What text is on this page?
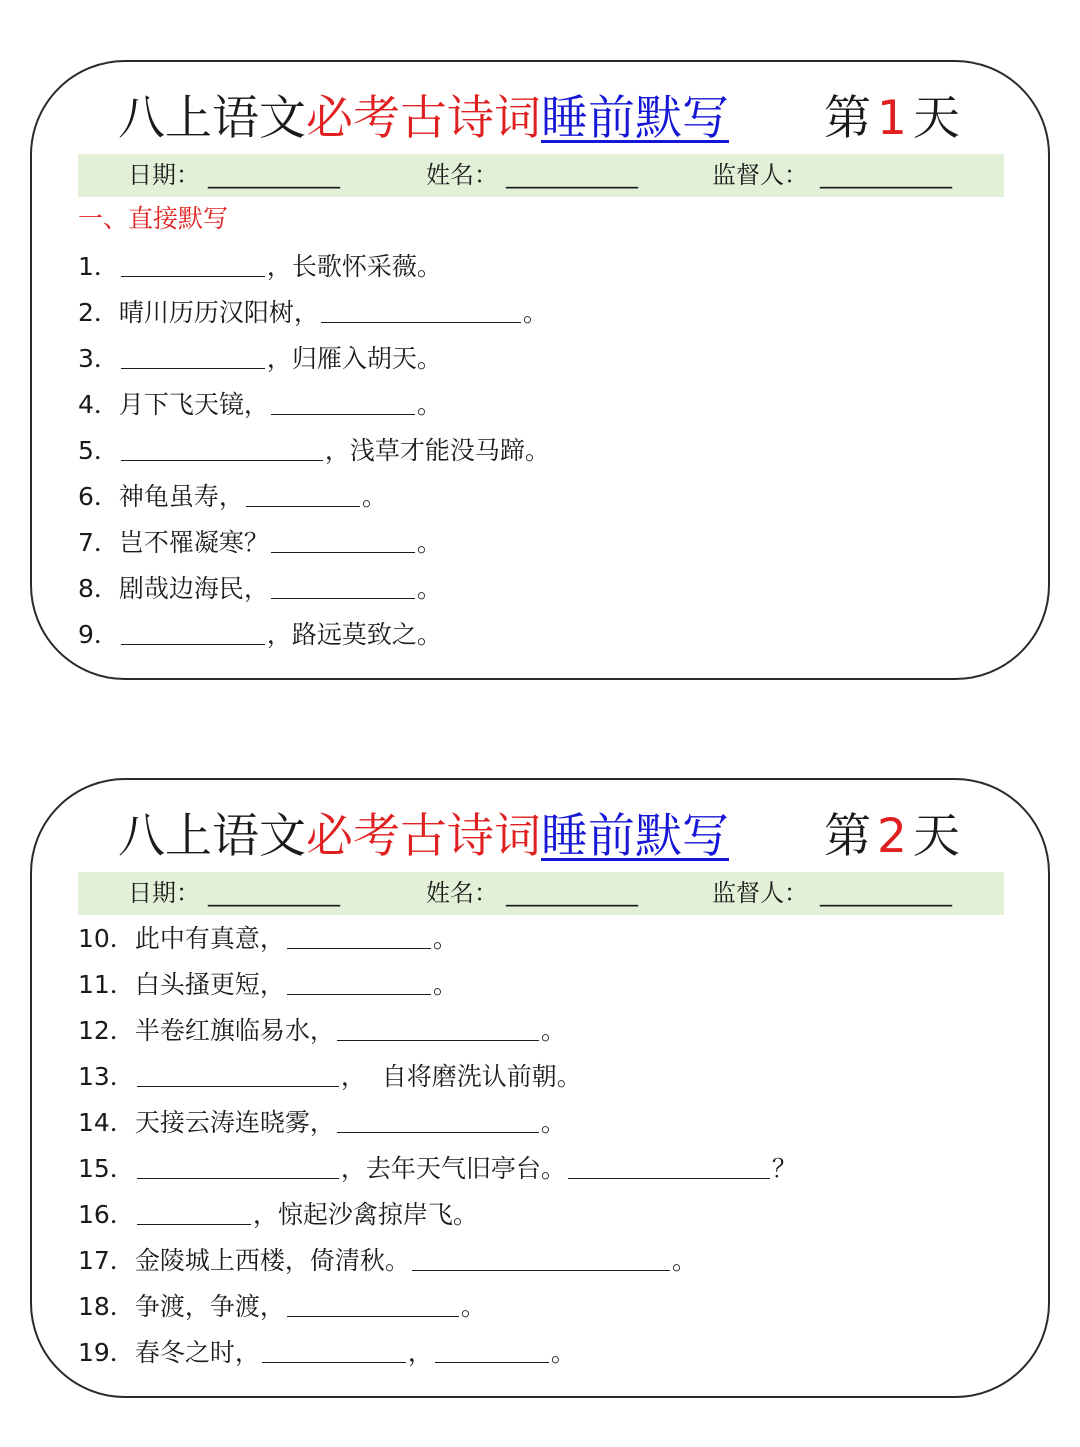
八上语文必考古诗词睡前默写 第 1 天
日期： ___________	姓名： ___________	监督人： ___________
一、直接默写
1．	，长歌怀采薇。
2．晴川历历汉阳树，	。
3．	，归雁入胡天。
4．月下飞天镜，	。
5．	，浅草才能没马蹄。
6．神龟虽寿，	。
7．岂不罹凝寒？	。
8．剧哉边海民，	。
9．	，路远莫致之。
八上语文必考古诗词睡前默写 第 2 天
日期： ___________	姓名： ___________	监督人： ___________
10．此中有真意，	。
11．白头搔更短，	。
12．半卷红旗临易水，	。
13．	，  自将磨洗认前朝。
14．天接云涛连晓雾，	。
15．	，去年天气旧亭台。	？
16．	，惊起沙禽掠岸飞。
17．金陵城上西楼，倚清秋。	。
18．争渡，争渡，	。
19．春冬之时，	，	。
